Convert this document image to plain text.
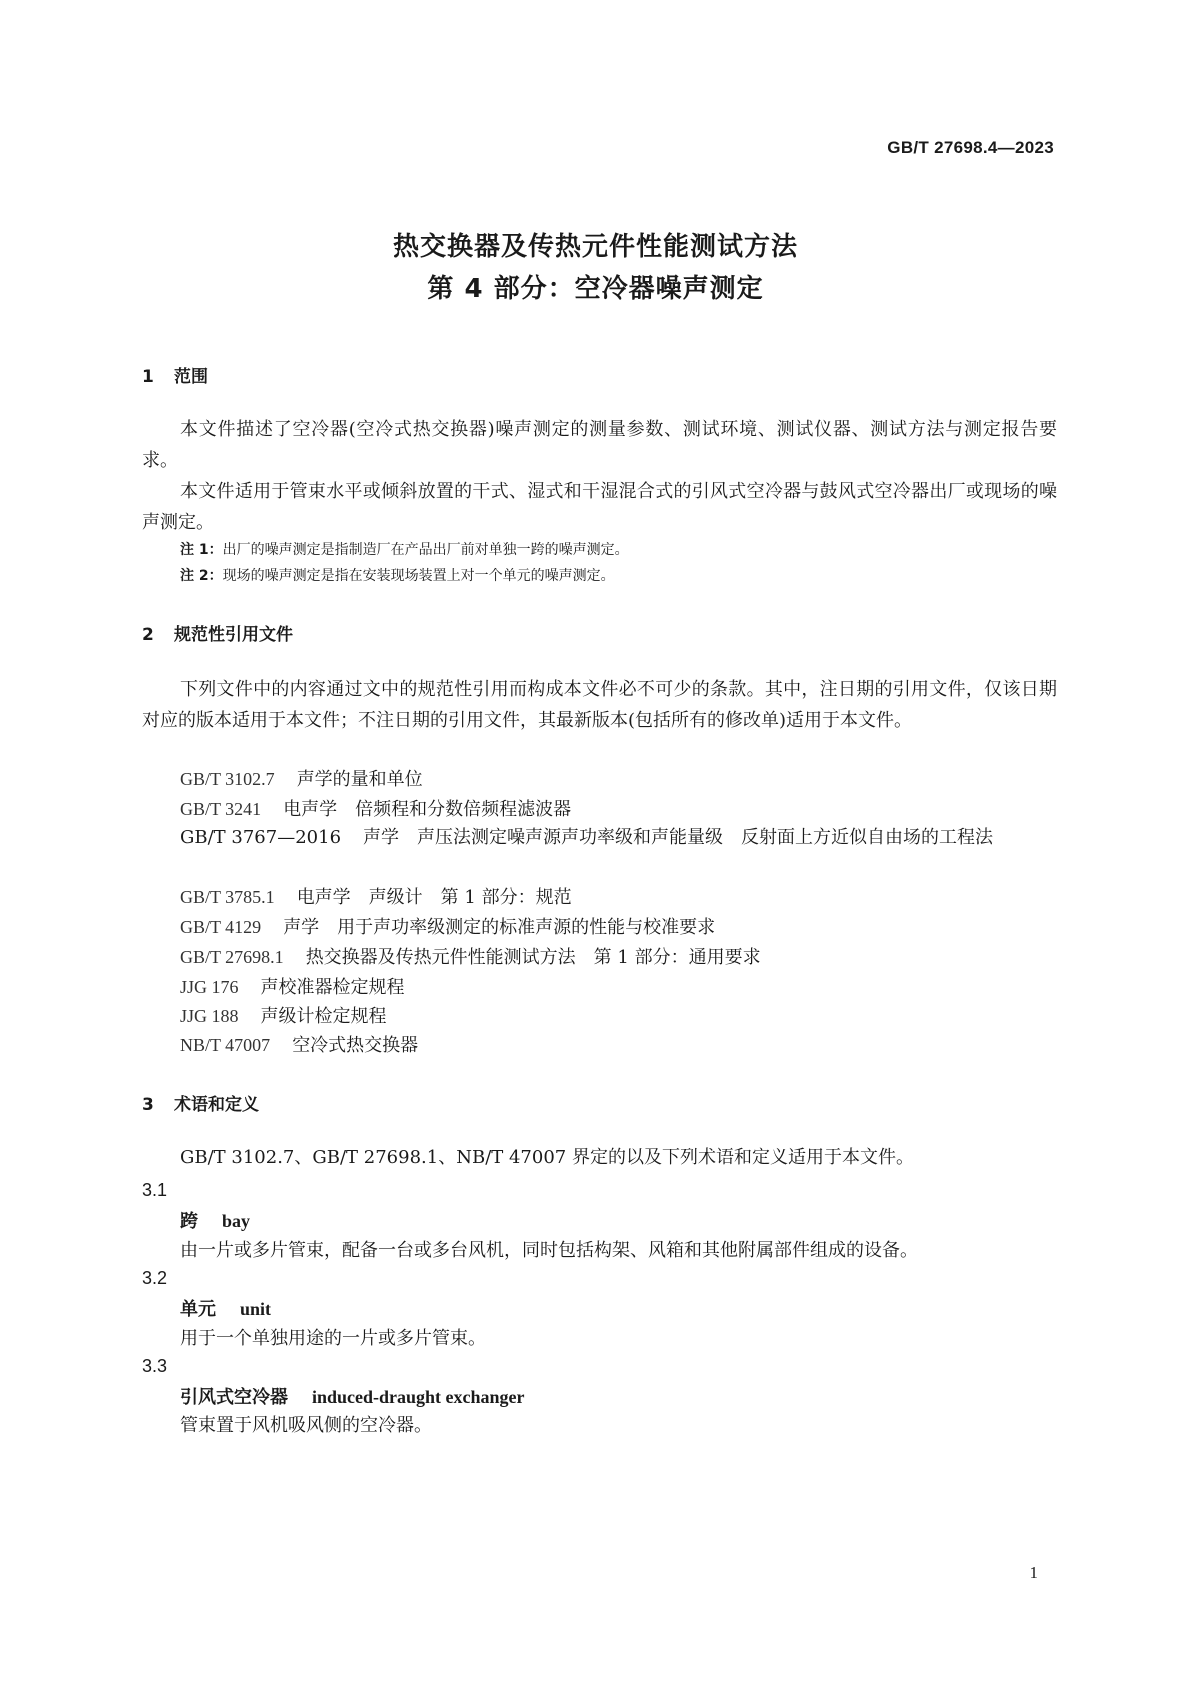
GB/T 27698.4—2023
热交换器及传热元件性能测试方法
第 4 部分：空冷器噪声测定
1 范围
本文件描述了空冷器(空冷式热交换器)噪声测定的测量参数、测试环境、测试仪器、测试方法与测定报告要求。
本文件适用于管束水平或倾斜放置的干式、湿式和干湿混合式的引风式空冷器与鼓风式空冷器出厂或现场的噪声测定。
注 1：出厂的噪声测定是指制造厂在产品出厂前对单独一跨的噪声测定。
注 2：现场的噪声测定是指在安装现场装置上对一个单元的噪声测定。
2 规范性引用文件
下列文件中的内容通过文中的规范性引用而构成本文件必不可少的条款。其中，注日期的引用文件，仅该日期对应的版本适用于本文件；不注日期的引用文件，其最新版本(包括所有的修改单)适用于本文件。
GB/T 3102.7 声学的量和单位
GB/T 3241 电声学　倍频程和分数倍频程滤波器
GB/T 3767—2016 声学　声压法测定噪声源声功率级和声能量级　反射面上方近似自由场的工程法
GB/T 3785.1 电声学　声级计　第 1 部分：规范
GB/T 4129 声学　用于声功率级测定的标准声源的性能与校准要求
GB/T 27698.1 热交换器及传热元件性能测试方法　第 1 部分：通用要求
JJG 176 声校准器检定规程
JJG 188 声级计检定规程
NB/T 47007 空冷式热交换器
3 术语和定义
GB/T 3102.7、GB/T 27698.1、NB/T 47007 界定的以及下列术语和定义适用于本文件。
3.1
跨 bay
由一片或多片管束，配备一台或多台风机，同时包括构架、风箱和其他附属部件组成的设备。
3.2
单元 unit
用于一个单独用途的一片或多片管束。
3.3
引风式空冷器 induced-draught exchanger
管束置于风机吸风侧的空冷器。
1
